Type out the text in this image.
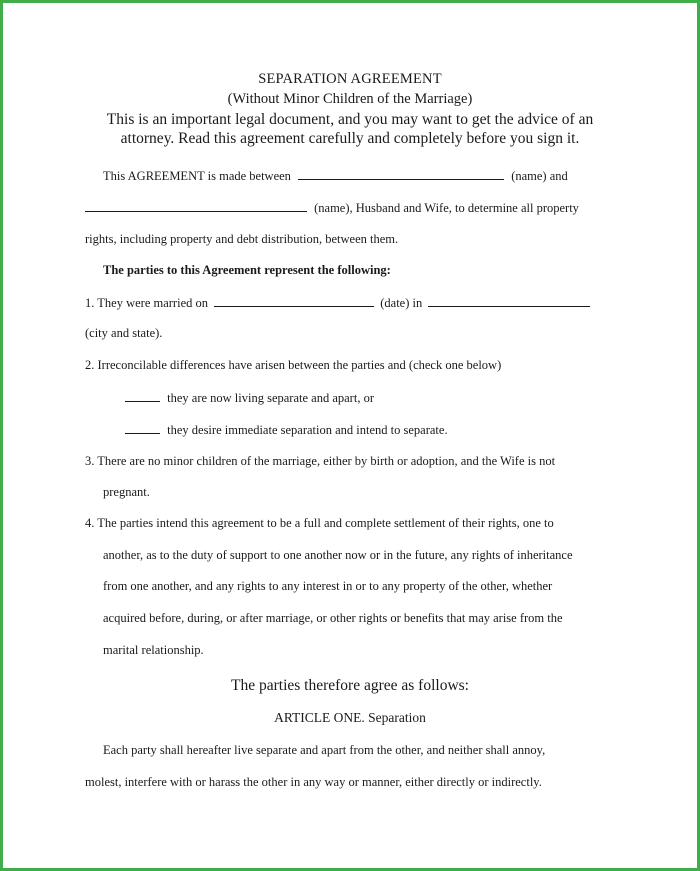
SEPARATION AGREEMENT
(Without Minor Children of the Marriage)
This is an important legal document, and you may want to get the advice of an
attorney. Read this agreement carefully and completely before you sign it.
This AGREEMENT is made between	(name) and
(name), Husband and Wife, to determine all property
rights, including property and debt distribution, between them.
The parties to this Agreement represent the following:
1. They were married on	(date) in
(city and state).
2. Irreconcilable differences have arisen between the parties and (check one below)
they are now living separate and apart, or
they desire immediate separation and intend to separate.
3. There are no minor children of the marriage, either by birth or adoption, and the Wife is not
pregnant.
4. The parties intend this agreement to be a full and complete settlement of their rights, one to
another, as to the duty of support to one another now or in the future, any rights of inheritance
from one another, and any rights to any interest in or to any property of the other, whether
acquired before, during, or after marriage, or other rights or benefits that may arise from the
marital relationship.
The parties therefore agree as follows:
ARTICLE ONE. Separation
Each party shall hereafter live separate and apart from the other, and neither shall annoy,
molest, interfere with or harass the other in any way or manner, either directly or indirectly.
